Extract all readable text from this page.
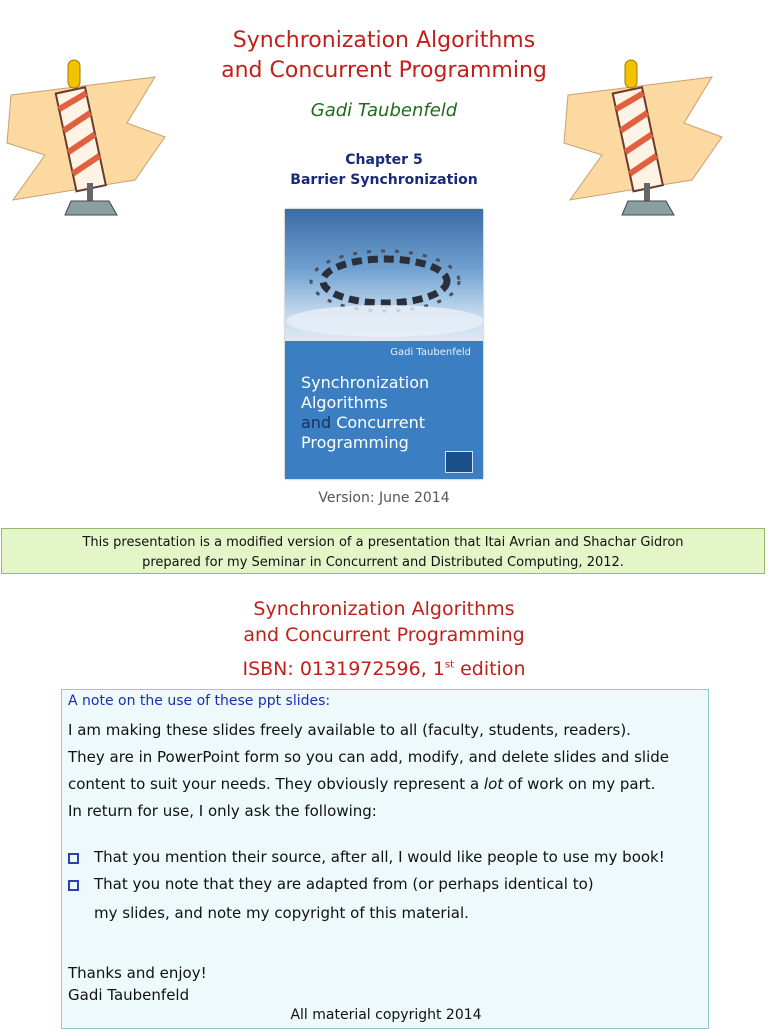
Synchronization Algorithms
and Concurrent Programming
Gadi Taubenfeld
Chapter 5
Barrier Synchronization
Gadi Taubenfeld
Synchronization
Algorithms
and Concurrent
Programming
Version: June 2014
This presentation is a modified version of a presentation that Itai Avrian and Shachar Gidron
prepared for my Seminar in Concurrent and Distributed Computing, 2012.
Synchronization Algorithms
and Concurrent Programming
ISBN: 0131972596, 1st edition
A note on the use of these ppt slides:
I am making these slides freely available to all (faculty, students, readers).
They are in PowerPoint form so you can add, modify, and delete slides and slide
content to suit your needs. They obviously represent a lot of work on my part.
In return for use, I only ask the following:
That you mention their source, after all, I would like people to use my book!
That you note that they are adapted from (or perhaps identical to)
my slides, and note my copyright of this material.
Thanks and enjoy!
Gadi Taubenfeld
All material copyright 2014
